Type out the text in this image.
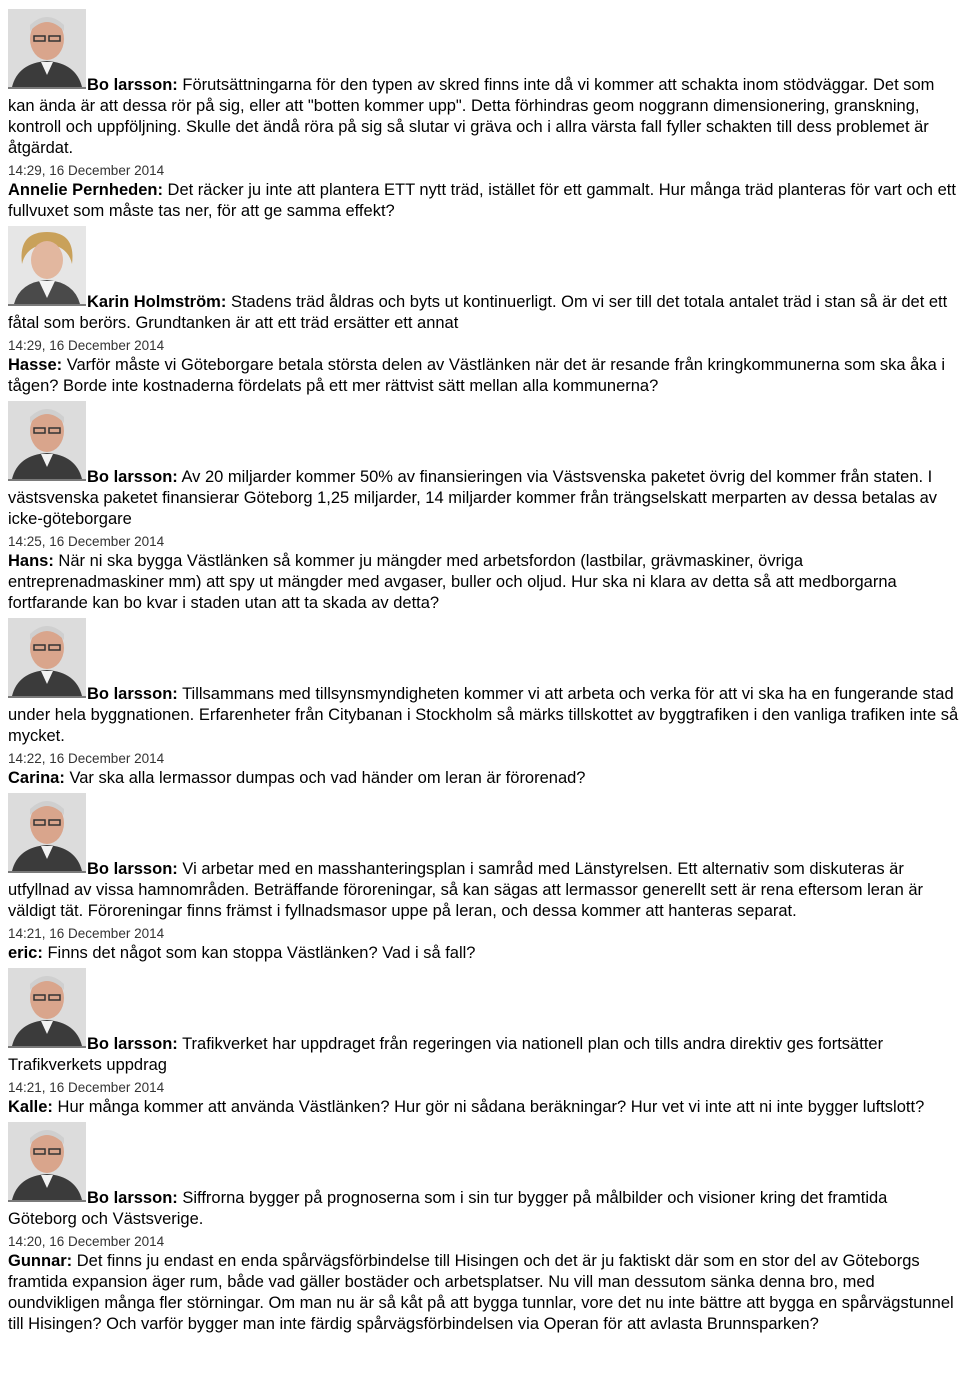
Bo larsson: Förutsättningarna för den typen av skred finns inte då vi kommer att schakta inom stödväggar. Det som kan ända är att dessa rör på sig, eller att "botten kommer upp". Detta förhindras geom noggrann dimensionering, granskning, kontroll och uppföljning. Skulle det ändå röra på sig så slutar vi gräva och i allra värsta fall fyller schakten till dess problemet är åtgärdat.
14:29, 16 December 2014
Annelie Pernheden: Det räcker ju inte att plantera ETT nytt träd, istället för ett gammalt. Hur många träd planteras för vart och ett fullvuxet som måste tas ner, för att ge samma effekt?
Karin Holmström: Stadens träd åldras och byts ut kontinuerligt. Om vi ser till det totala antalet träd i stan så är det ett fåtal som berörs. Grundtanken är att ett träd ersätter ett annat
14:29, 16 December 2014
Hasse: Varför måste vi Göteborgare betala största delen av Västlänken när det är resande från kringkommunerna som ska åka i tågen? Borde inte kostnaderna fördelats på ett mer rättvist sätt mellan alla kommunerna?
Bo larsson: Av 20 miljarder kommer 50% av finansieringen via Västsvenska paketet övrig del kommer från staten. I västsvenska paketet finansierar Göteborg 1,25 miljarder, 14 miljarder kommer från trängselskatt merparten av dessa betalas av icke-göteborgare
14:25, 16 December 2014
Hans: När ni ska bygga Västlänken så kommer ju mängder med arbetsfordon (lastbilar, grävmaskiner, övriga entreprenadmaskiner mm) att spy ut mängder med avgaser, buller och oljud. Hur ska ni klara av detta så att medborgarna fortfarande kan bo kvar i staden utan att ta skada av detta?
Bo larsson: Tillsammans med tillsynsmyndigheten kommer vi att arbeta och verka för att vi ska ha en fungerande stad under hela byggnationen. Erfarenheter från Citybanan i Stockholm så märks tillskottet av byggtrafiken i den vanliga trafiken inte så mycket.
14:22, 16 December 2014
Carina: Var ska alla lermassor dumpas och vad händer om leran är förorenad?
Bo larsson: Vi arbetar med en masshanteringsplan i samråd med Länstyrelsen. Ett alternativ som diskuteras är utfyllnad av vissa hamnområden. Beträffande föroreningar, så kan sägas att lermassor generellt sett är rena eftersom leran är väldigt tät. Föroreningar finns främst i fyllnadsmasor uppe på leran, och dessa kommer att hanteras separat.
14:21, 16 December 2014
eric: Finns det något som kan stoppa Västlänken? Vad i så fall?
Bo larsson: Trafikverket har uppdraget från regeringen via nationell plan och tills andra direktiv ges fortsätter Trafikverkets uppdrag
14:21, 16 December 2014
Kalle: Hur många kommer att använda Västlänken? Hur gör ni sådana beräkningar? Hur vet vi inte att ni inte bygger luftslott?
Bo larsson: Siffrorna bygger på prognoserna som i sin tur bygger på målbilder och visioner kring det framtida Göteborg och Västsverige.
14:20, 16 December 2014
Gunnar: Det finns ju endast en enda spårvägsförbindelse till Hisingen och det är ju faktiskt där som en stor del av Göteborgs framtida expansion äger rum, både vad gäller bostäder och arbetsplatser. Nu vill man dessutom sänka denna bro, med oundvikligen många fler störningar. Om man nu är så kåt på att bygga tunnlar, vore det nu inte bättre att bygga en spårvägstunnel till Hisingen? Och varför bygger man inte färdig spårvägsförbindelsen via Operan för att avlasta Brunnsparken?
